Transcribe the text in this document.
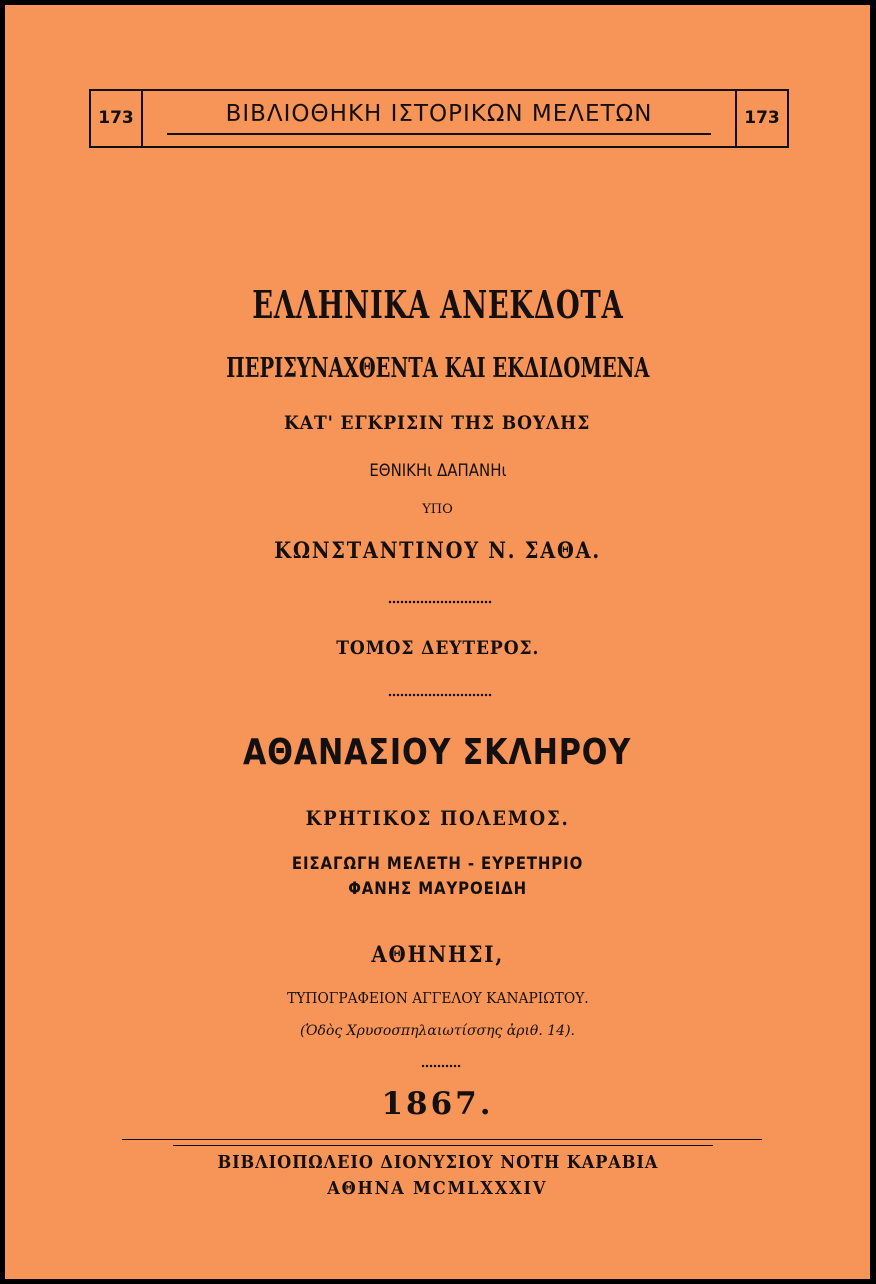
173	ΒΙΒΛΙΟΘΗΚΗ ΙΣΤΟΡΙΚΩΝ ΜΕΛΕΤΩΝ	173
ΕΛΛΗΝΙΚΑ ΑΝΕΚΔΟΤΑ
ΠΕΡΙΣΥΝΑΧΘΕΝΤΑ ΚΑΙ ΕΚΔΙΔΟΜΕΝΑ
ΚΑΤ' ΕΓΚΡΙΣΙΝ ΤΗΣ ΒΟΥΛΗΣ
ΕΘΝΙΚΗι ΔΑΠΑΝΗι
ΥΠΟ
ΚΩΝΣΤΑΝΤΙΝΟΥ Ν. ΣΑΘΑ.
ΤΟΜΟΣ ΔΕΥΤΕΡΟΣ.
ΑΘΑΝΑΣΙΟΥ ΣΚΛΗΡΟΥ
ΚΡΗΤΙΚΟΣ ΠΟΛΕΜΟΣ.
ΕΙΣΑΓΩΓΗ ΜΕΛΕΤΗ - ΕΥΡΕΤΗΡΙΟ
ΦΑΝΗΣ ΜΑΥΡΟΕΙΔΗ
ΑΘΗΝΗΣΙ,
ΤΥΠΟΓΡΑΦΕΙΟΝ ΑΓΓΕΛΟΥ ΚΑΝΑΡΙΩΤΟΥ.
(Ὁδὸς Χρυσοσπηλαιωτίσσης ἀριθ. 14).
1867.
ΒΙΒΛΙΟΠΩΛΕΙΟ ΔΙΟΝΥΣΙΟΥ ΝΟΤΗ ΚΑΡΑΒΙΑ
ΑΘΗΝΑ MCMLXXXIV
